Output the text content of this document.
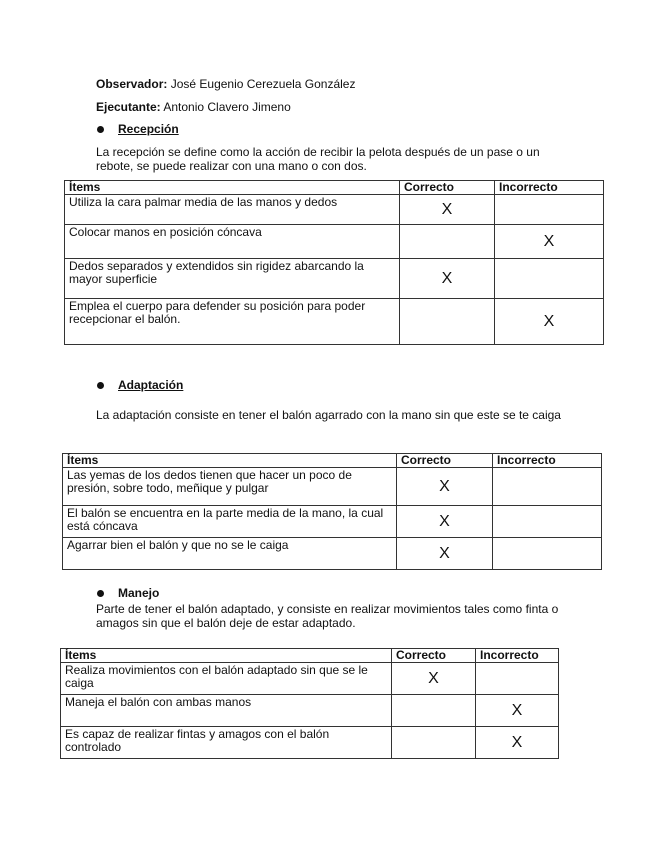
Observador: José Eugenio Cerezuela González
Ejecutante: Antonio Clavero Jimeno
Recepción
La recepción se define como la acción de recibir la pelota después de un pase o un rebote, se puede realizar con una mano o con dos.
Ítems	Correcto	Incorrecto
Utiliza la cara palmar media de las manos y dedos	X	
Colocar manos en posición cóncava		X
Dedos separados y extendidos sin rigidez abarcando la mayor superficie	X	
Emplea el cuerpo para defender su posición para poder recepcionar el balón.		X
Adaptación
La adaptación consiste en tener el balón agarrado con la mano sin que este se te caiga
Ítems	Correcto	Incorrecto
Las yemas de los dedos tienen que hacer un poco de presión, sobre todo, meñique y pulgar	X	
El balón se encuentra en la parte media de la mano, la cual está cóncava	X	
Agarrar bien el balón y que no se le caiga	X	
Manejo
Parte de tener el balón adaptado, y consiste en realizar movimientos tales como finta o amagos sin que el balón deje de estar adaptado.
Ítems	Correcto	Incorrecto
Realiza movimientos con el balón adaptado sin que se le caiga	X	
Maneja el balón con ambas manos		X
Es capaz de realizar fintas y amagos con el balón controlado		X
